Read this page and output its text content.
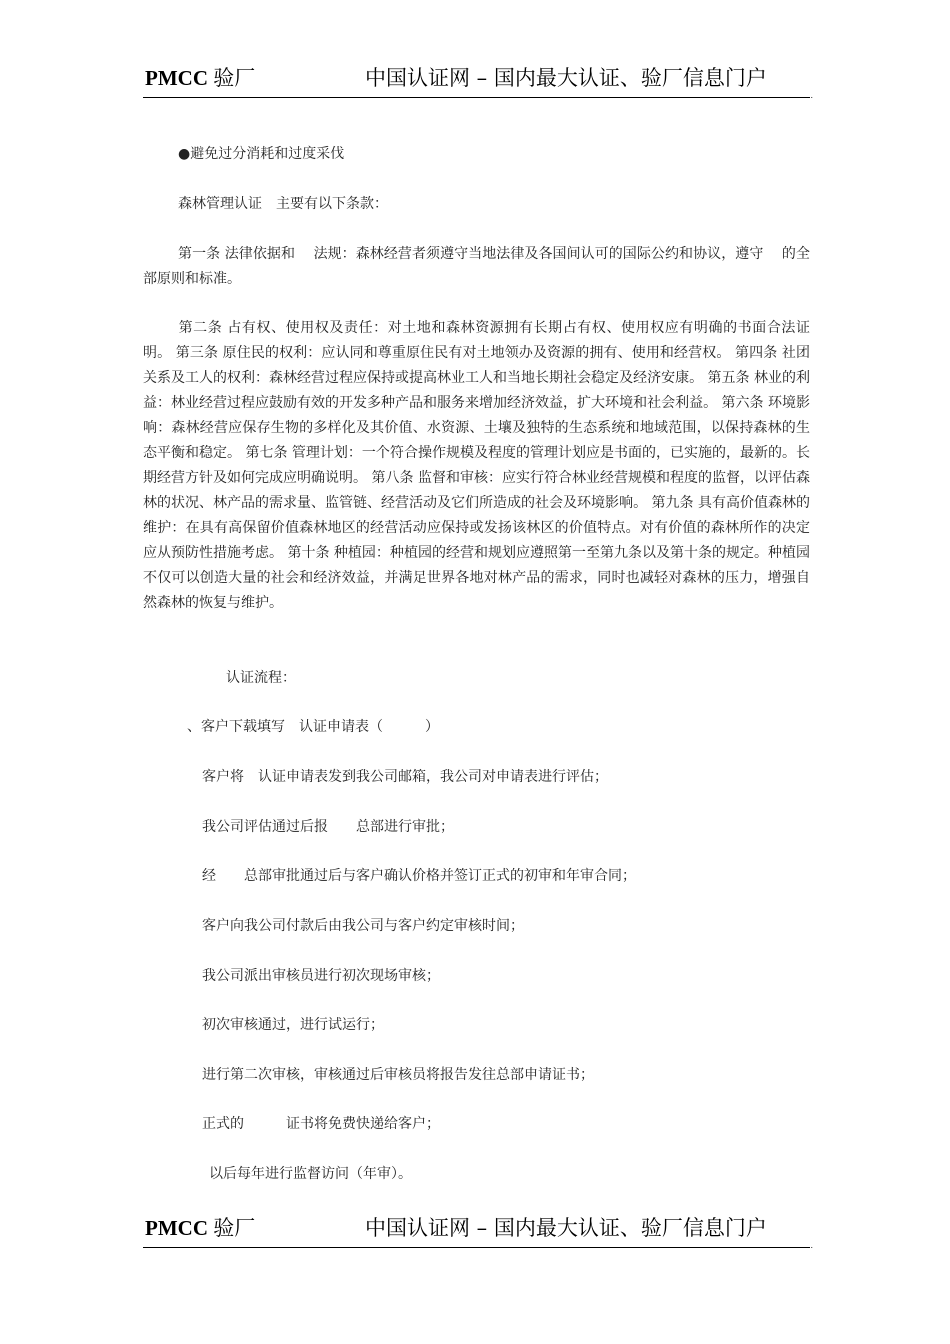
PMCC 验厂	中国认证网 – 国内最大认证、验厂信息门户
.
●避免过分消耗和过度采伐
森林管理认证　主要有以下条款：
第一条 法律依据和　 法规：森林经营者须遵守当地法律及各国间认可的国际公约和协议，遵守　 的全部原则和标准。
第二条 占有权、使用权及责任：对土地和森林资源拥有长期占有权、使用权应有明确的书面合法证明。 第三条 原住民的权利：应认同和尊重原住民有对土地领办及资源的拥有、使用和经营权。 第四条 社团关系及工人的权利：森林经营过程应保持或提高林业工人和当地长期社会稳定及经济安康。 第五条 林业的利益：林业经营过程应鼓励有效的开发多种产品和服务来增加经济效益，扩大环境和社会利益。 第六条 环境影响：森林经营应保存生物的多样化及其价值、水资源、土壤及独特的生态系统和地域范围，以保持森林的生态平衡和稳定。 第七条 管理计划：一个符合操作规模及程度的管理计划应是书面的，已实施的，最新的。长期经营方针及如何完成应明确说明。 第八条 监督和审核：应实行符合林业经营规模和程度的监督，以评估森林的状况、林产品的需求量、监管链、经营活动及它们所造成的社会及环境影响。 第九条 具有高价值森林的维护：在具有高保留价值森林地区的经营活动应保持或发扬该林区的价值特点。对有价值的森林所作的决定应从预防性措施考虑。 第十条 种植园：种植园的经营和规划应遵照第一至第九条以及第十条的规定。种植园不仅可以创造大量的社会和经济效益，并满足世界各地对林产品的需求，同时也减轻对森林的压力，增强自然森林的恢复与维护。
认证流程：
、客户下载填写　认证申请表（　　　）
客户将　认证申请表发到我公司邮箱，我公司对申请表进行评估；
我公司评估通过后报　　总部进行审批；
经　　总部审批通过后与客户确认价格并签订正式的初审和年审合同；
客户向我公司付款后由我公司与客户约定审核时间；
我公司派出审核员进行初次现场审核；
初次审核通过，进行试运行；
进行第二次审核，审核通过后审核员将报告发往总部申请证书；
正式的　　　证书将免费快递给客户；
以后每年进行监督访问（年审）。
PMCC 验厂	中国认证网 – 国内最大认证、验厂信息门户
.
